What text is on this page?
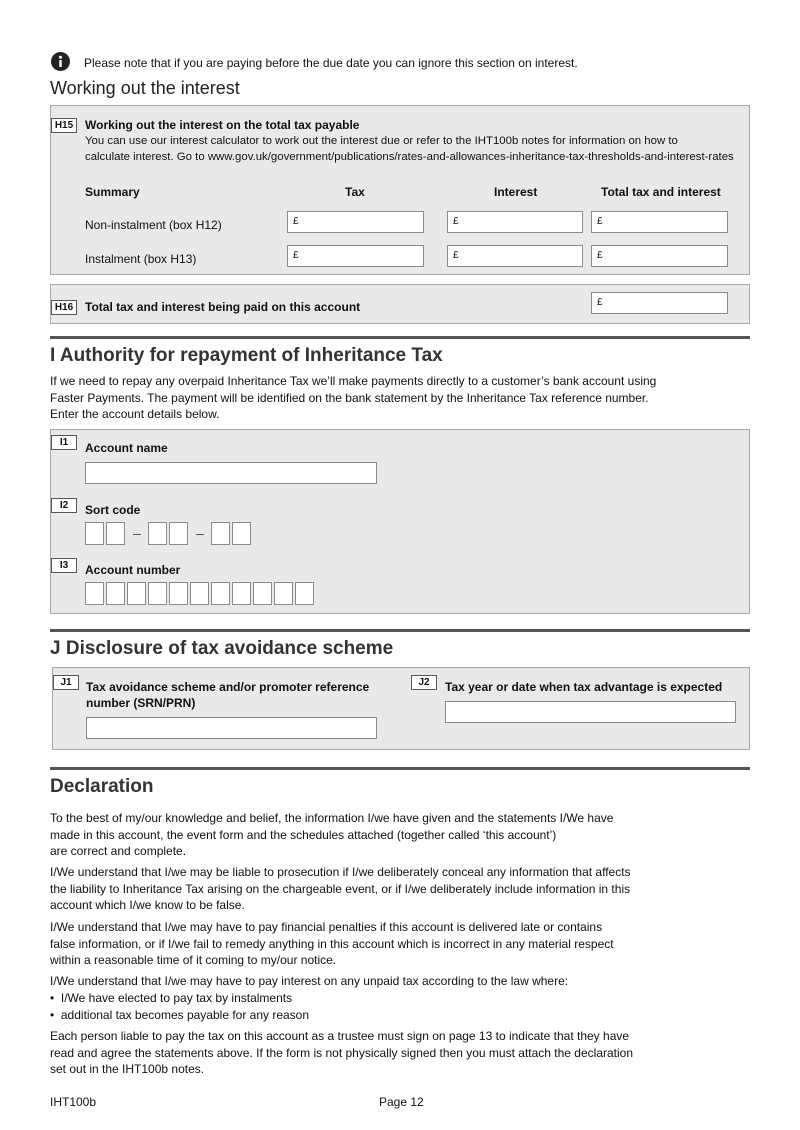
Please note that if you are paying before the due date you can ignore this section on interest.
Working out the interest
H15 Working out the interest on the total tax payable
You can use our interest calculator to work out the interest due or refer to the IHT100b notes for information on how to
calculate interest. Go to www.gov.uk/government/publications/rates-and-allowances-inheritance-tax-thresholds-and-interest-rates
Summary	Tax	Interest	Total tax and interest
Non-instalment (box H12)	£	£	£
Instalment (box H13)	£	£	£
H16 Total tax and interest being paid on this account	£
I Authority for repayment of Inheritance Tax
If we need to repay any overpaid Inheritance Tax we’ll make payments directly to a customer’s bank account using
Faster Payments. The payment will be identified on the bank statement by the Inheritance Tax reference number.
Enter the account details below.
I1	Account name
I2	Sort code
I3	Account number
J Disclosure of tax avoidance scheme
J1	Tax avoidance scheme and/or promoter reference
number (SRN/PRN)
J2	Tax year or date when tax advantage is expected
Declaration
To the best of my/our knowledge and belief, the information I/we have given and the statements I/We have
made in this account, the event form and the schedules attached (together called ‘this account’)
are correct and complete.
I/We understand that I/we may be liable to prosecution if I/we deliberately conceal any information that affects
the liability to Inheritance Tax arising on the chargeable event, or if I/we deliberately include information in this
account which I/we know to be false.
I/We understand that I/we may have to pay financial penalties if this account is delivered late or contains
false information, or if I/we fail to remedy anything in this account which is incorrect in any material respect
within a reasonable time of it coming to my/our notice.
I/We understand that I/we may have to pay interest on any unpaid tax according to the law where:
•  I/We have elected to pay tax by instalments
•  additional tax becomes payable for any reason
Each person liable to pay the tax on this account as a trustee must sign on page 13 to indicate that they have
read and agree the statements above. If the form is not physically signed then you must attach the declaration
set out in the IHT100b notes.
IHT100b	Page 12
